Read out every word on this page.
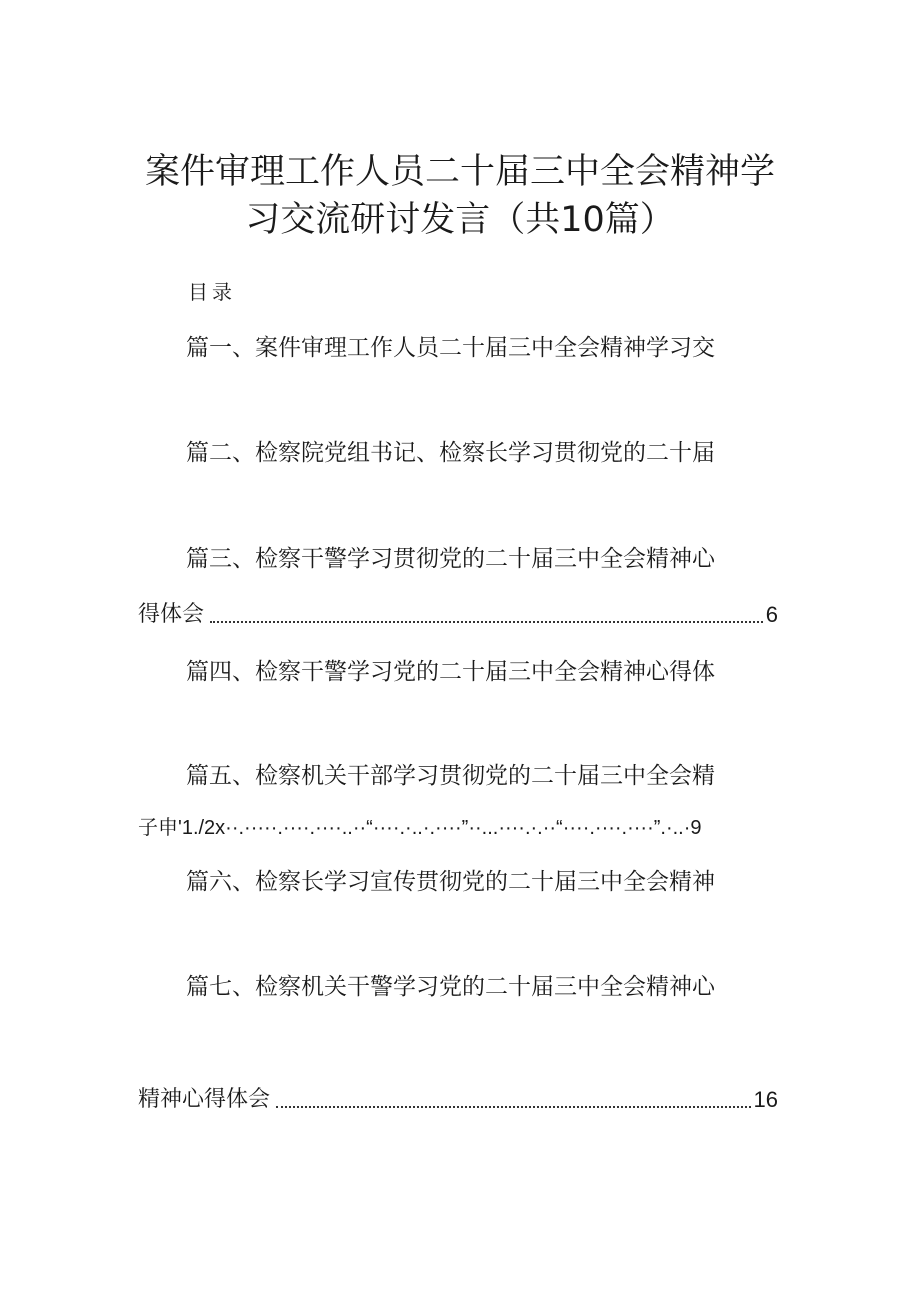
案件审理工作人员二十届三中全会精神学
习交流研讨发言（共10篇）
目录
篇一、案件审理工作人员二十届三中全会精神学习交
篇二、检察院党组书记、检察长学习贯彻党的二十届
篇三、检察干警学习贯彻党的二十届三中全会精神心
得体会	6
篇四、检察干警学习党的二十届三中全会精神心得体
篇五、检察机关干部学习贯彻党的二十届三中全会精
子申'1./2x··.·····.····.····..··“····.·..·.····”··...····.·.··“····.····.····”.·..·9
篇六、检察长学习宣传贯彻党的二十届三中全会精神
篇七、检察机关干警学习党的二十届三中全会精神心
精神心得体会	16
